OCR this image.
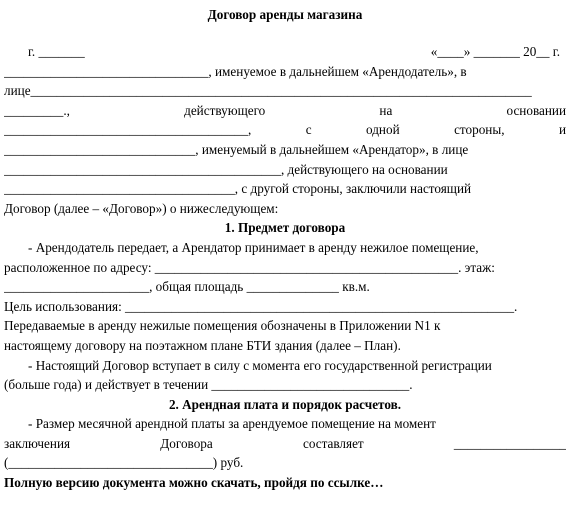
Договор аренды магазина
г. _______	«____» _______ 20__ г.
_______________________________, именуемое в дальнейшем «Арендодатель», в
лице____________________________________________________________________________
_________.,	действующего	на	основании
_____________________________________,	с	одной	стороны,	и
_____________________________, именуемый в дальнейшем «Арендатор», в лице
__________________________________________, действующего на основании
___________________________________, с другой стороны, заключили настоящий
Договор (далее – «Договор») о нижеследующем:
1. Предмет договора
- Арендодатель передает, а Арендатор принимает в аренду нежилое помещение,
расположенное по адресу: ______________________________________________. этаж:
______________________, общая площадь ______________ кв.м.
Цель использования: ___________________________________________________________.
Передаваемые в аренду нежилые помещения обозначены в Приложении N1 к
настоящему договору на поэтажном плане БТИ здания (далее – План).
- Настоящий Договор вступает в силу с момента его государственной регистрации
(больше года) и действует в течении ______________________________.
2. Арендная плата и порядок расчетов.
- Размер месячной арендной платы за арендуемое помещение на момент
заключения	Договора	составляет	_________________
(_______________________________) руб.
Полную версию документа можно скачать, пройдя по ссылке…
